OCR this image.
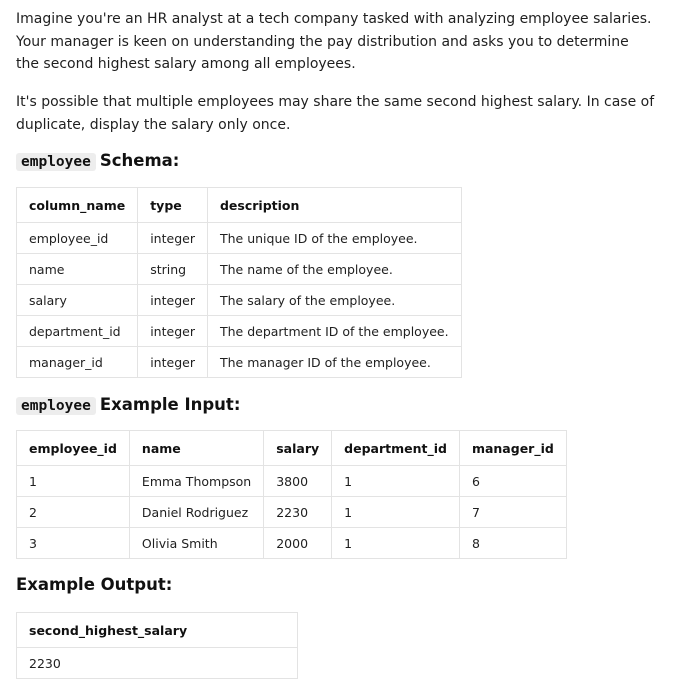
Imagine you're an HR analyst at a tech company tasked with analyzing employee salaries. Your manager is keen on understanding the pay distribution and asks you to determine the second highest salary among all employees.

It's possible that multiple employees may share the same second highest salary. In case of duplicate, display the salary only once.

employee Schema:
column_name	type	description
employee_id	integer	The unique ID of the employee.
name	string	The name of the employee.
salary	integer	The salary of the employee.
department_id	integer	The department ID of the employee.
manager_id	integer	The manager ID of the employee.
employee Example Input:
employee_id	name	salary	department_id	manager_id
1	Emma Thompson	3800	1	6
2	Daniel Rodriguez	2230	1	7
3	Olivia Smith	2000	1	8
Example Output:
second_highest_salary
2230
